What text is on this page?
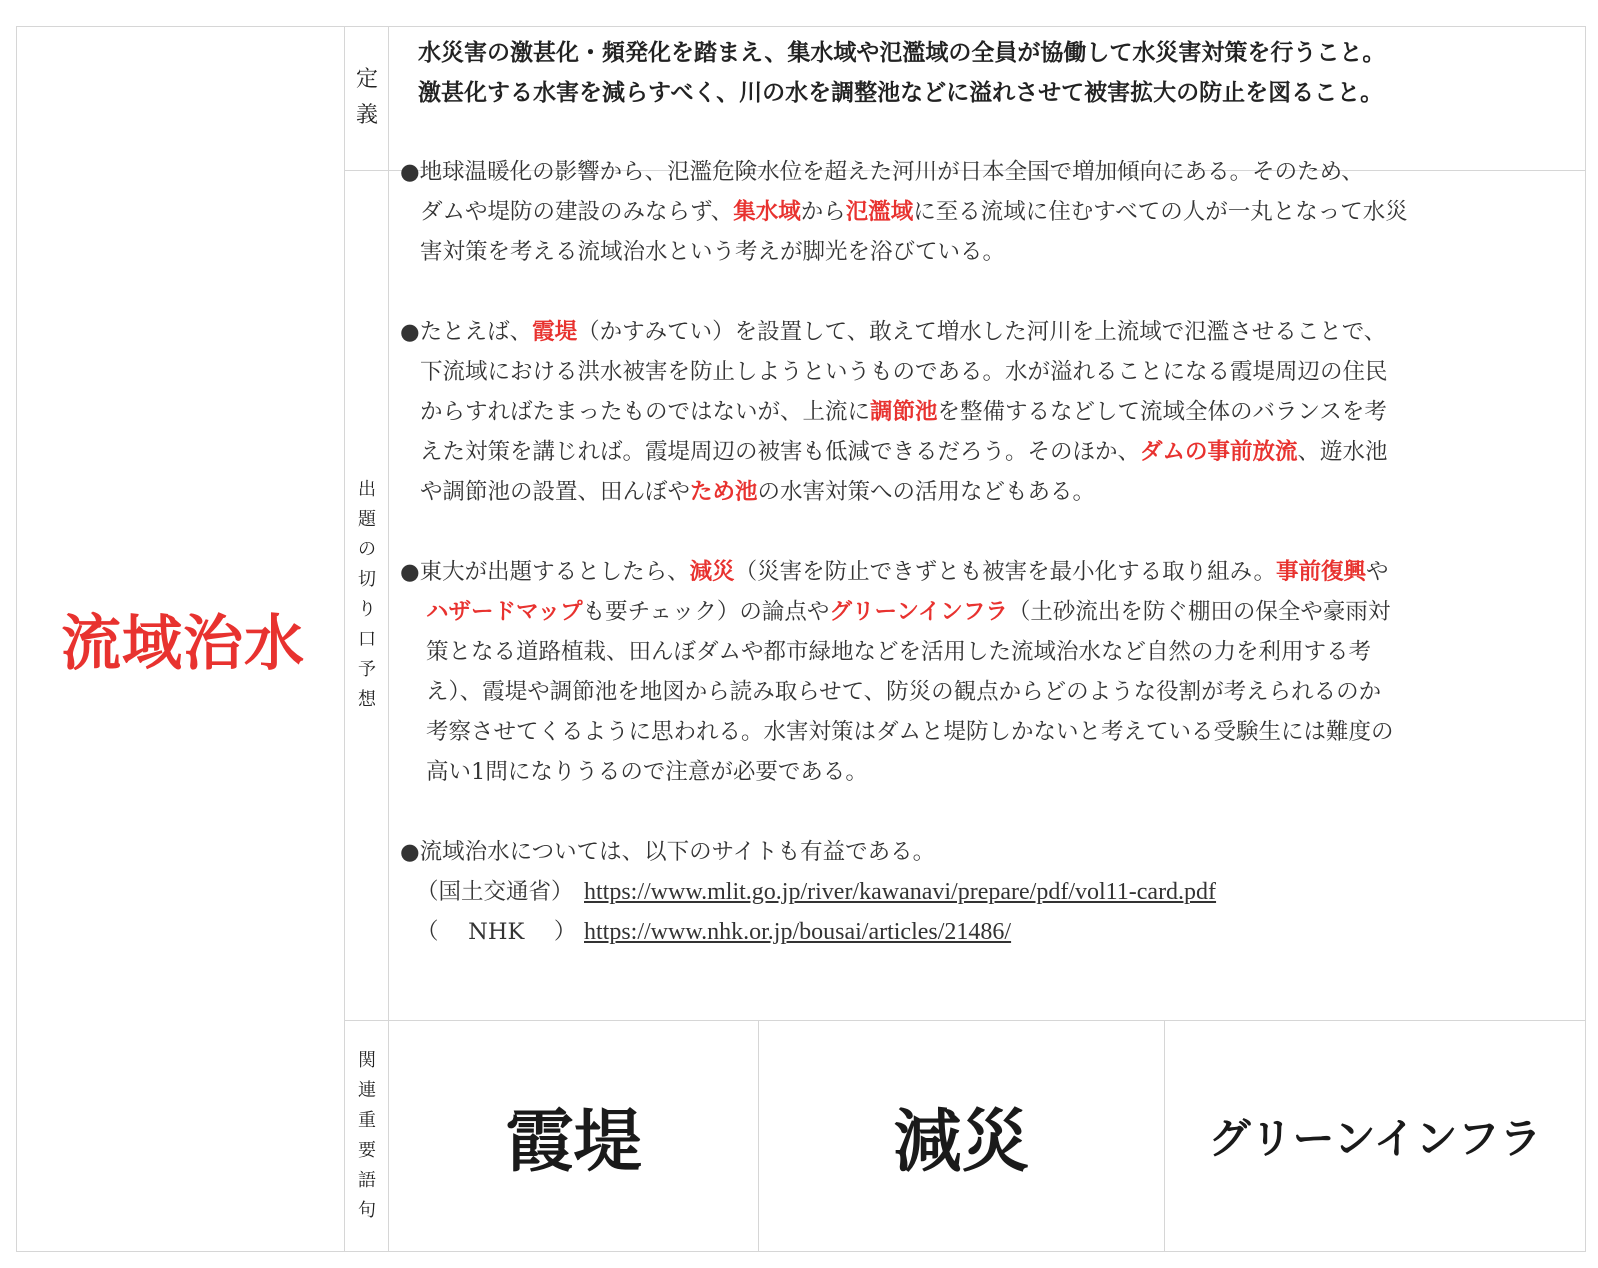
流域治水
定
義
出
題
の
切
り
口
予
想
関
連
重
要
語
句
霞堤	減災	グリーンインフラ
水災害の激甚化・頻発化を踏まえ、集水域や氾濫域の全員が協働して水災害対策を行うこと。
激甚化する水害を減らすべく、川の水を調整池などに溢れさせて被害拡大の防止を図ること。
●地球温暖化の影響から、氾濫危険水位を超えた河川が日本全国で増加傾向にある。そのため、
ダムや堤防の建設のみならず、集水域から氾濫域に至る流域に住むすべての人が一丸となって水災
害対策を考える流域治水という考えが脚光を浴びている。
●たとえば、霞堤（かすみてい）を設置して、敢えて増水した河川を上流域で氾濫させることで、
下流域における洪水被害を防止しようというものである。水が溢れることになる霞堤周辺の住民
からすればたまったものではないが、上流に調節池を整備するなどして流域全体のバランスを考
えた対策を講じれば。霞堤周辺の被害も低減できるだろう。そのほか、ダムの事前放流、遊水池
や調節池の設置、田んぼやため池の水害対策への活用などもある。
●東大が出題するとしたら、減災（災害を防止できずとも被害を最小化する取り組み。事前復興や
ハザードマップも要チェック）の論点やグリーンインフラ（土砂流出を防ぐ棚田の保全や豪雨対
策となる道路植栽、田んぼダムや都市緑地などを活用した流域治水など自然の力を利用する考
え）、霞堤や調節池を地図から読み取らせて、防災の観点からどのような役割が考えられるのか
考察させてくるように思われる。水害対策はダムと堤防しかないと考えている受験生には難度の
高い1問になりうるので注意が必要である。
●流域治水については、以下のサイトも有益である。
（国土交通省） https://www.mlit.go.jp/river/kawanavi/prepare/pdf/vol11-card.pdf
（　 NHK　 ） https://www.nhk.or.jp/bousai/articles/21486/
